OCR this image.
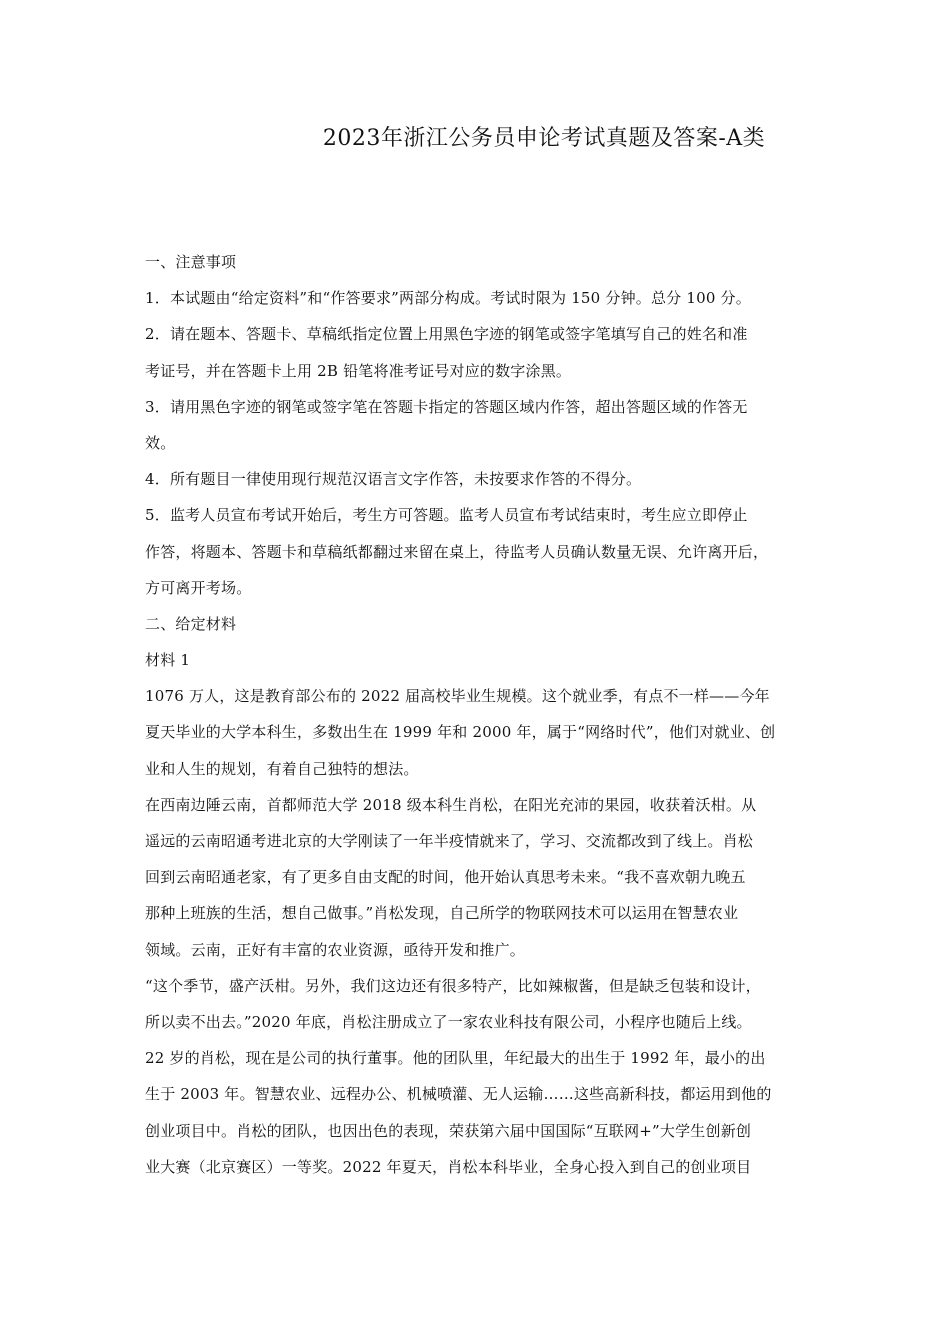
2023年浙江公务员申论考试真题及答案-A类
一、注意事项
1．本试题由“给定资料”和“作答要求”两部分构成。考试时限为 150 分钟。总分 100 分。
2．请在题本、答题卡、草稿纸指定位置上用黑色字迹的钢笔或签字笔填写自己的姓名和准
考证号，并在答题卡上用 2B 铅笔将准考证号对应的数字涂黑。
3．请用黑色字迹的钢笔或签字笔在答题卡指定的答题区域内作答，超出答题区域的作答无
效。
4．所有题目一律使用现行规范汉语言文字作答，未按要求作答的不得分。
5．监考人员宣布考试开始后，考生方可答题。监考人员宣布考试结束时，考生应立即停止
作答，将题本、答题卡和草稿纸都翻过来留在桌上，待监考人员确认数量无误、允许离开后，
方可离开考场。
二、给定材料
材料 1
1076 万人，这是教育部公布的 2022 届高校毕业生规模。这个就业季，有点不一样——今年
夏天毕业的大学本科生，多数出生在 1999 年和 2000 年，属于“网络时代”，他们对就业、创
业和人生的规划，有着自己独特的想法。
在西南边陲云南，首都师范大学 2018 级本科生肖松，在阳光充沛的果园，收获着沃柑。从
遥远的云南昭通考进北京的大学刚读了一年半疫情就来了，学习、交流都改到了线上。肖松
回到云南昭通老家，有了更多自由支配的时间，他开始认真思考未来。“我不喜欢朝九晚五
那种上班族的生活，想自己做事。”肖松发现，自己所学的物联网技术可以运用在智慧农业
领域。云南，正好有丰富的农业资源，亟待开发和推广。
“这个季节，盛产沃柑。另外，我们这边还有很多特产，比如辣椒酱，但是缺乏包装和设计，
所以卖不出去。”2020 年底，肖松注册成立了一家农业科技有限公司，小程序也随后上线。
22 岁的肖松，现在是公司的执行董事。他的团队里，年纪最大的出生于 1992 年，最小的出
生于 2003 年。智慧农业、远程办公、机械喷灌、无人运输……这些高新科技，都运用到他的
创业项目中。肖松的团队，也因出色的表现，荣获第六届中国国际“互联网+”大学生创新创
业大赛（北京赛区）一等奖。2022 年夏天，肖松本科毕业，全身心投入到自己的创业项目
